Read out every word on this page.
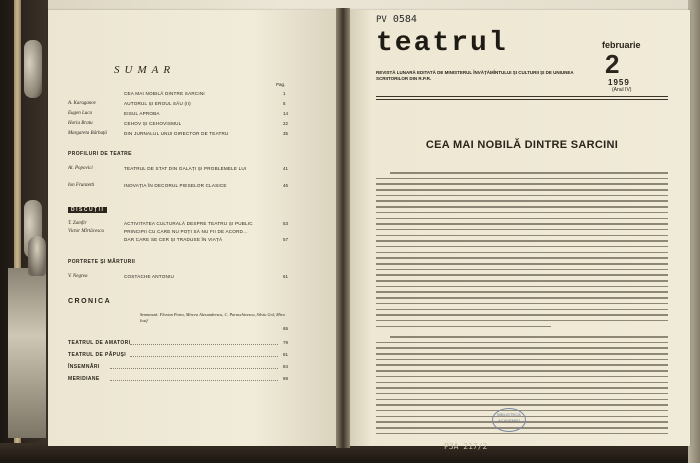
SUMAR
Pag.
CEA MAI NOBILĂ DINTRE SARCINI	1
A. Karaganov	AUTORUL ȘI EROUL SĂU (II)	5
Eugen Luca	EISUL APROBA	14
Horia Bratu	CEHOV ȘI CEHOVISMUL	22
Margareta Bărbuță	DIN JURNALUL UNUI DIRECTOR DE TEATRU	35
PROFILURI DE TEATRE
Al. Popovici	TEATRUL DE STAT DIN GALAȚI ȘI PROBLEMELE LUI	41
Ion Frunzetti	INOVAȚIA ÎN DECORUL PIESELOR CLASICE	46
DISCUȚII
T. Zamfir	ACTIVITATEA CULTURALĂ DESPRE TEATRU ȘI PUBLIC	53
Victor Mîrtăcescu	PRINCIPII CU CARE NU POȚI SĂ NU FII DE ACORD...
DAR CARE SE CER ȘI TRADUSE ÎN VIAȚĂ	57
PORTRETE ȘI MĂRTURII
V. Negrea	COSTACHE ANTONIU	61
CRONICA
Semnează: Florian Potra, Mircea Alexandrescu, C. Paraschivescu, Silviu Gol, Mira Iosif
65
TEATRUL DE AMATORI	79
TEATRUL DE PĂPUȘI	81
ÎNSEMNĂRI	84
MERIDIANE	89
PV 0584
teatrul	februarie
2
1959
(Anul IV)
REVISTĂ LUNARĂ EDITATĂ DE MINISTERUL ÎNVĂȚĂMÎNTULUI ȘI CULTURII ȘI DE UNIUNEA SCRIITORILOR DIN R.P.R.
CEA MAI NOBILĂ DINTRE SARCINI
BIBLIOTECA ACADEMIEI
P3A 217/2
